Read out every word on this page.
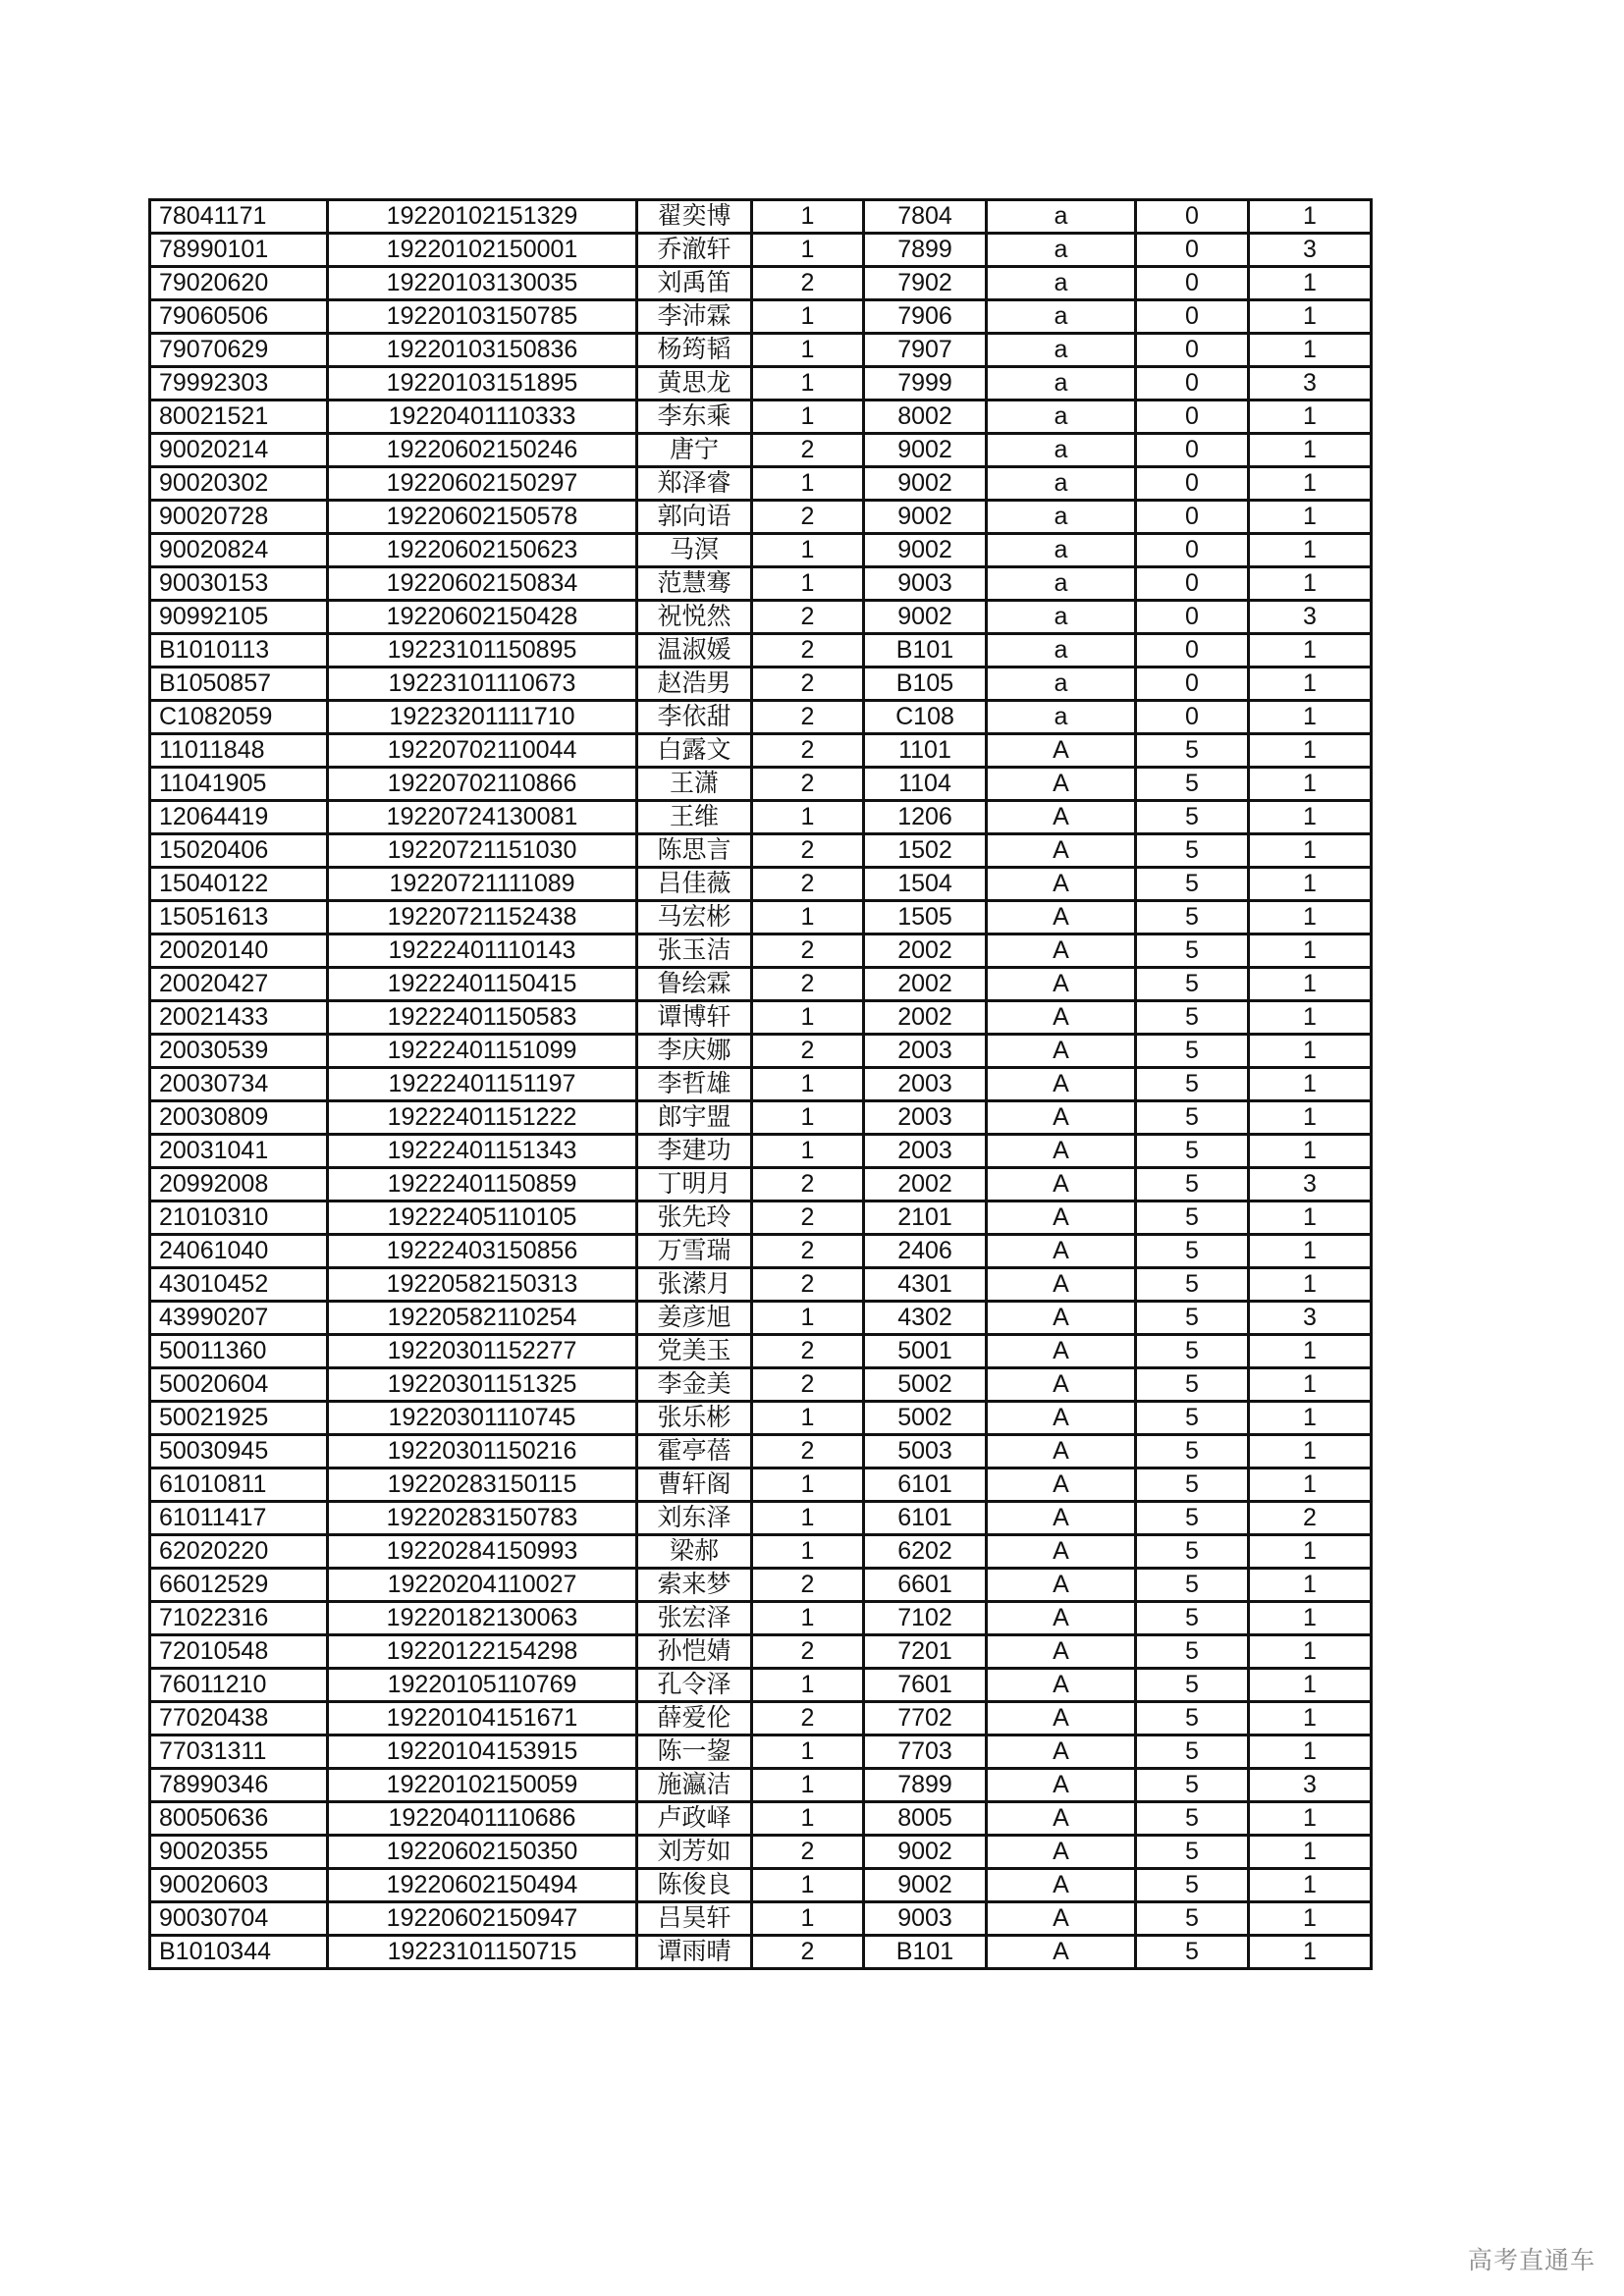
78041171	19220102151329	翟奕博	1	7804	a	0	1
78990101	19220102150001	乔澈轩	1	7899	a	0	3
79020620	19220103130035	刘禹笛	2	7902	a	0	1
79060506	19220103150785	李沛霖	1	7906	a	0	1
79070629	19220103150836	杨筠韬	1	7907	a	0	1
79992303	19220103151895	黄思龙	1	7999	a	0	3
80021521	19220401110333	李东乘	1	8002	a	0	1
90020214	19220602150246	唐宁	2	9002	a	0	1
90020302	19220602150297	郑泽睿	1	9002	a	0	1
90020728	19220602150578	郭向语	2	9002	a	0	1
90020824	19220602150623	马溟	1	9002	a	0	1
90030153	19220602150834	范慧骞	1	9003	a	0	1
90992105	19220602150428	祝悦然	2	9002	a	0	3
B1010113	19223101150895	温淑媛	2	B101	a	0	1
B1050857	19223101110673	赵浩男	2	B105	a	0	1
C1082059	19223201111710	李依甜	2	C108	a	0	1
11011848	19220702110044	白露文	2	1101	A	5	1
11041905	19220702110866	王潇	2	1104	A	5	1
12064419	19220724130081	王维	1	1206	A	5	1
15020406	19220721151030	陈思言	2	1502	A	5	1
15040122	19220721111089	吕佳薇	2	1504	A	5	1
15051613	19220721152438	马宏彬	1	1505	A	5	1
20020140	19222401110143	张玉洁	2	2002	A	5	1
20020427	19222401150415	鲁绘霖	2	2002	A	5	1
20021433	19222401150583	谭博轩	1	2002	A	5	1
20030539	19222401151099	李庆娜	2	2003	A	5	1
20030734	19222401151197	李哲雄	1	2003	A	5	1
20030809	19222401151222	郎宇盟	1	2003	A	5	1
20031041	19222401151343	李建功	1	2003	A	5	1
20992008	19222401150859	丁明月	2	2002	A	5	3
21010310	19222405110105	张先玲	2	2101	A	5	1
24061040	19222403150856	万雪瑞	2	2406	A	5	1
43010452	19220582150313	张潆月	2	4301	A	5	1
43990207	19220582110254	姜彦旭	1	4302	A	5	3
50011360	19220301152277	党美玉	2	5001	A	5	1
50020604	19220301151325	李金美	2	5002	A	5	1
50021925	19220301110745	张乐彬	1	5002	A	5	1
50030945	19220301150216	霍亭蓓	2	5003	A	5	1
61010811	19220283150115	曹轩阁	1	6101	A	5	1
61011417	19220283150783	刘东泽	1	6101	A	5	2
62020220	19220284150993	梁郝	1	6202	A	5	1
66012529	19220204110027	索来梦	2	6601	A	5	1
71022316	19220182130063	张宏泽	1	7102	A	5	1
72010548	19220122154298	孙恺婧	2	7201	A	5	1
76011210	19220105110769	孔令泽	1	7601	A	5	1
77020438	19220104151671	薛爱伦	2	7702	A	5	1
77031311	19220104153915	陈一鋆	1	7703	A	5	1
78990346	19220102150059	施瀛洁	1	7899	A	5	3
80050636	19220401110686	卢政峄	1	8005	A	5	1
90020355	19220602150350	刘芳如	2	9002	A	5	1
90020603	19220602150494	陈俊良	1	9002	A	5	1
90030704	19220602150947	吕昊轩	1	9003	A	5	1
B1010344	19223101150715	谭雨晴	2	B101	A	5	1
高考直通车
